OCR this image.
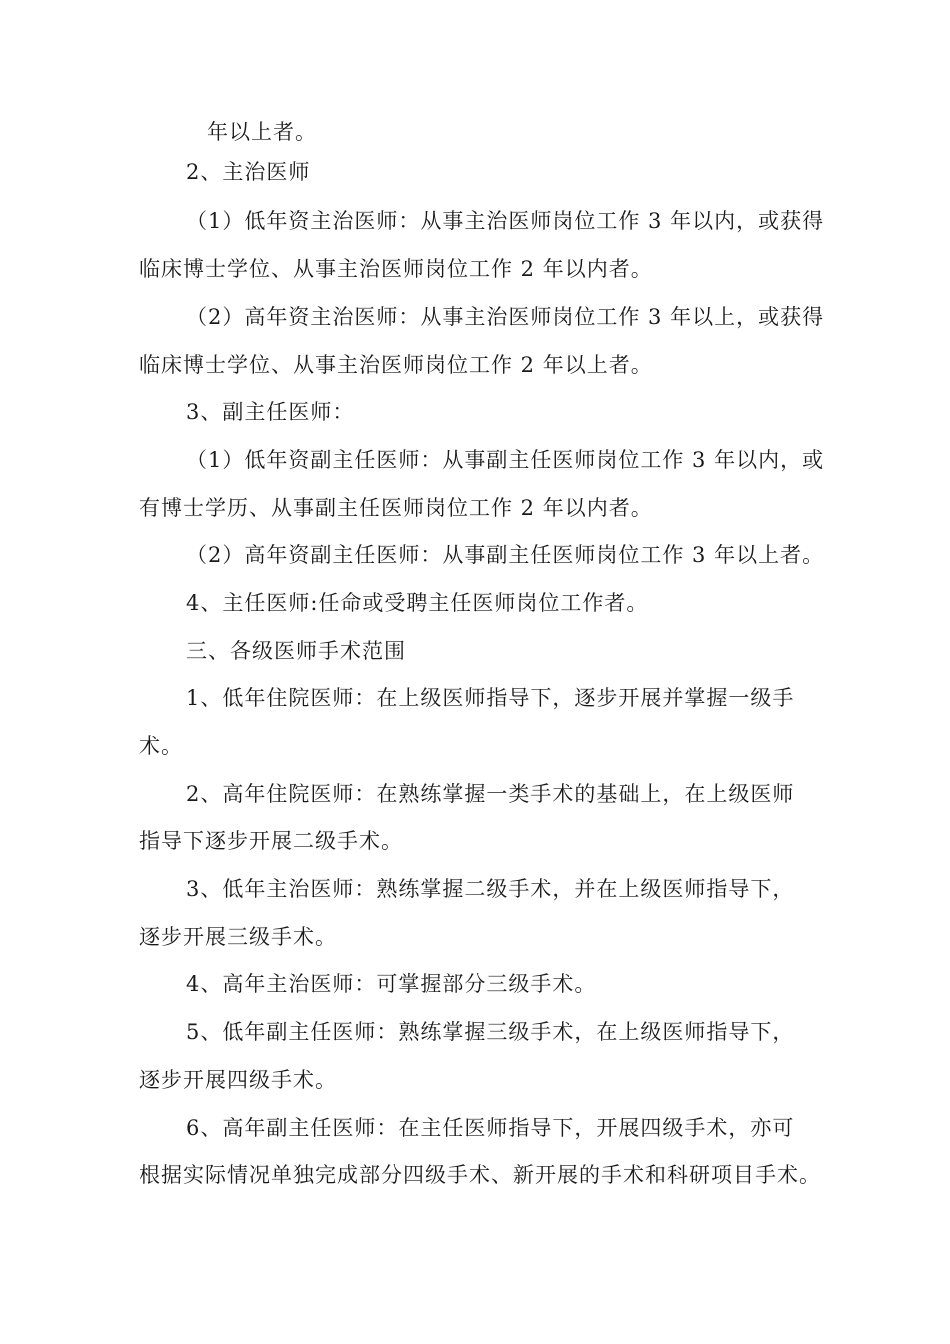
年以上者。
2、主治医师
（1）低年资主治医师：从事主治医师岗位工作 3 年以内，或获得
临床博士学位、从事主治医师岗位工作 2 年以内者。
（2）高年资主治医师：从事主治医师岗位工作 3 年以上，或获得
临床博士学位、从事主治医师岗位工作 2 年以上者。
3、副主任医师：
（1）低年资副主任医师：从事副主任医师岗位工作 3 年以内，或
有博士学历、从事副主任医师岗位工作 2 年以内者。
（2）高年资副主任医师：从事副主任医师岗位工作 3 年以上者。
4、主任医师:任命或受聘主任医师岗位工作者。
三、各级医师手术范围
1、低年住院医师：在上级医师指导下，逐步开展并掌握一级手
术。
2、高年住院医师：在熟练掌握一类手术的基础上，在上级医师
指导下逐步开展二级手术。
3、低年主治医师：熟练掌握二级手术，并在上级医师指导下，
逐步开展三级手术。
4、高年主治医师：可掌握部分三级手术。
5、低年副主任医师：熟练掌握三级手术，在上级医师指导下，
逐步开展四级手术。
6、高年副主任医师：在主任医师指导下，开展四级手术，亦可
根据实际情况单独完成部分四级手术、新开展的手术和科研项目手术。
